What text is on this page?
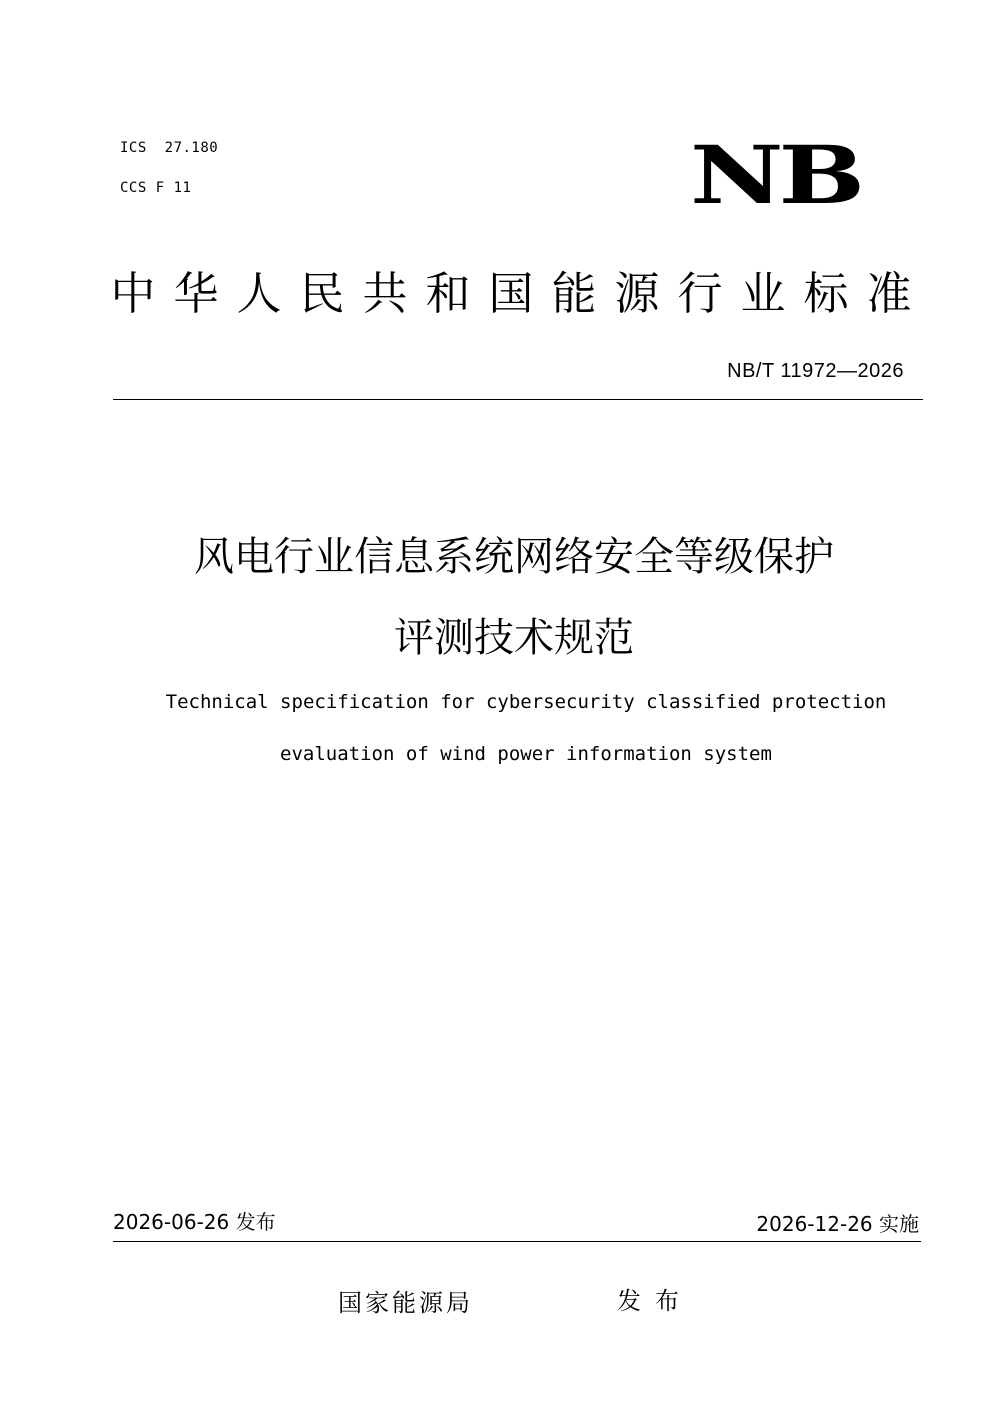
ICS  27.180
CCS F 11	NB
中华人民共和国能源行业标准
NB/T 11972—2026
风电行业信息系统网络安全等级保护
评测技术规范
Technical specification for cybersecurity classified protection
evaluation of wind power information system
2026-06-26 发布	2026-12-26 实施
国家能源局	发布
